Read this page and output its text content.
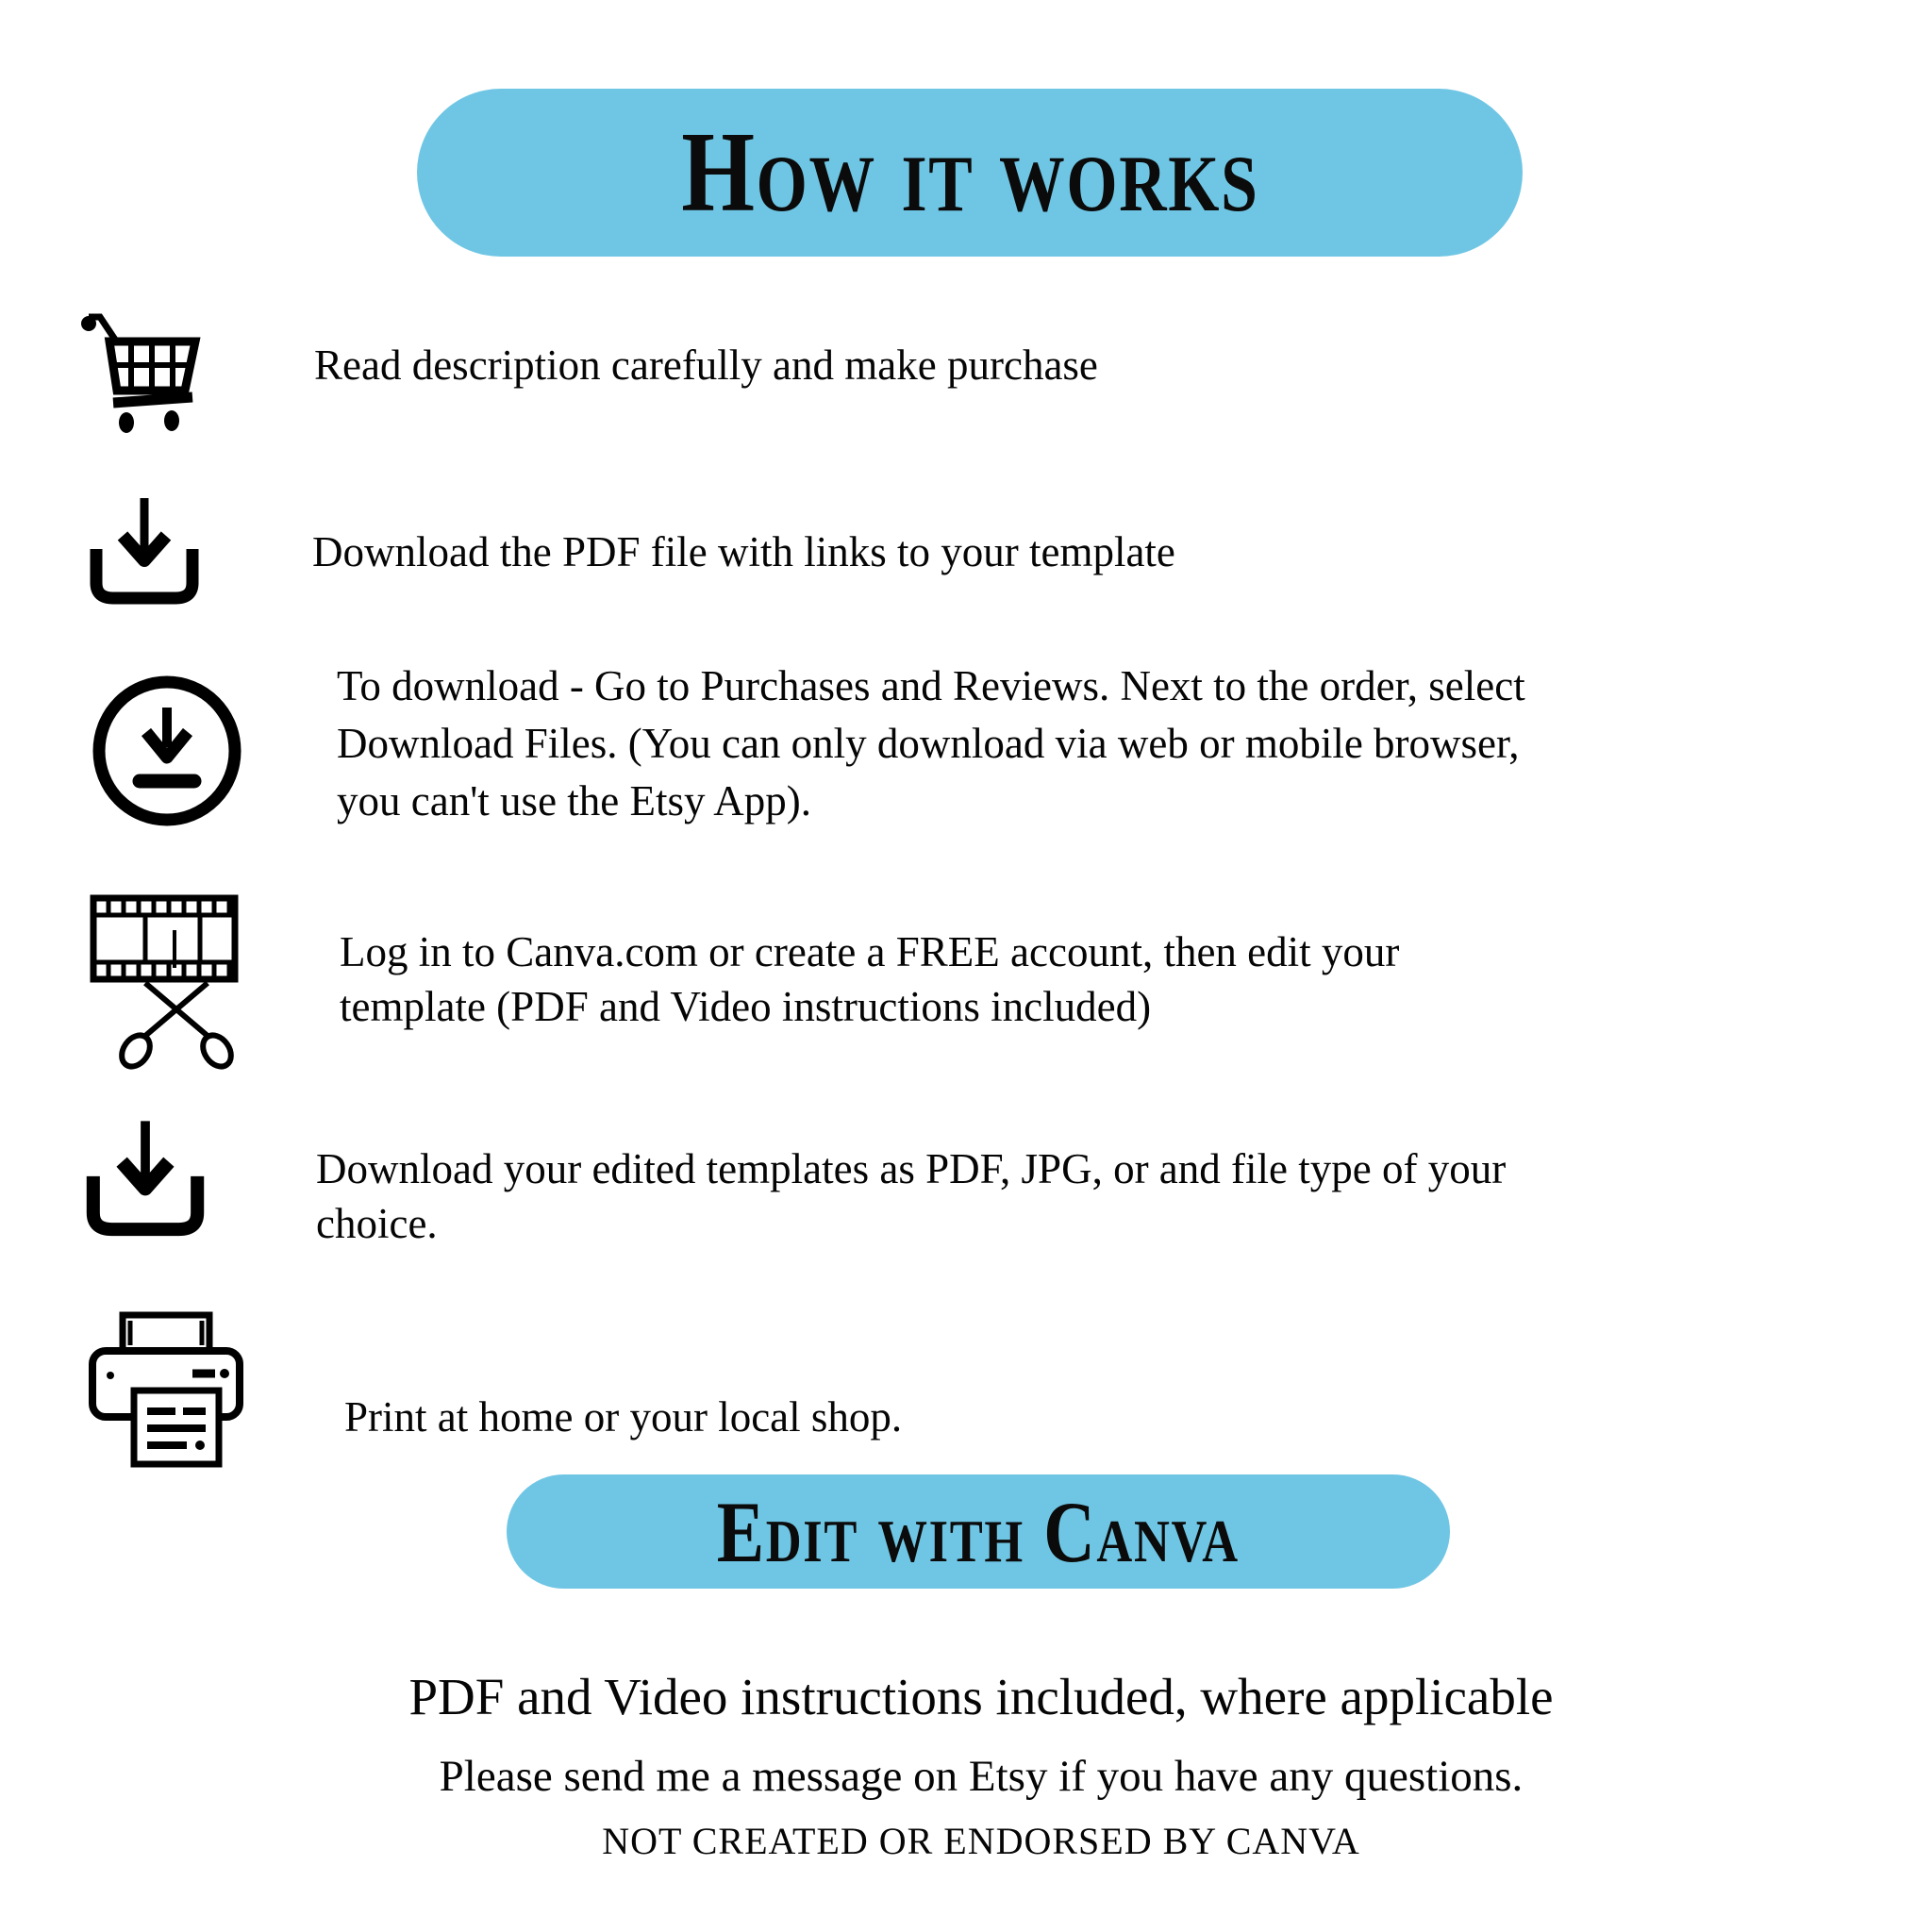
How it works
Read description carefully and make purchase
Download the PDF file with links to your template
To download - Go to Purchases and Reviews. Next to the order, select
Download Files. (You can only download via web or mobile browser,
you can't use the Etsy App).
Log in to Canva.com or create a FREE account, then edit your
template (PDF and Video instructions included)
Download your edited templates as PDF, JPG, or and file type of your
choice.
Print at home or your local shop.
Edit with Canva
PDF and Video instructions included, where applicable
Please send me a message on Etsy if you have any questions.
NOT CREATED OR ENDORSED BY CANVA
